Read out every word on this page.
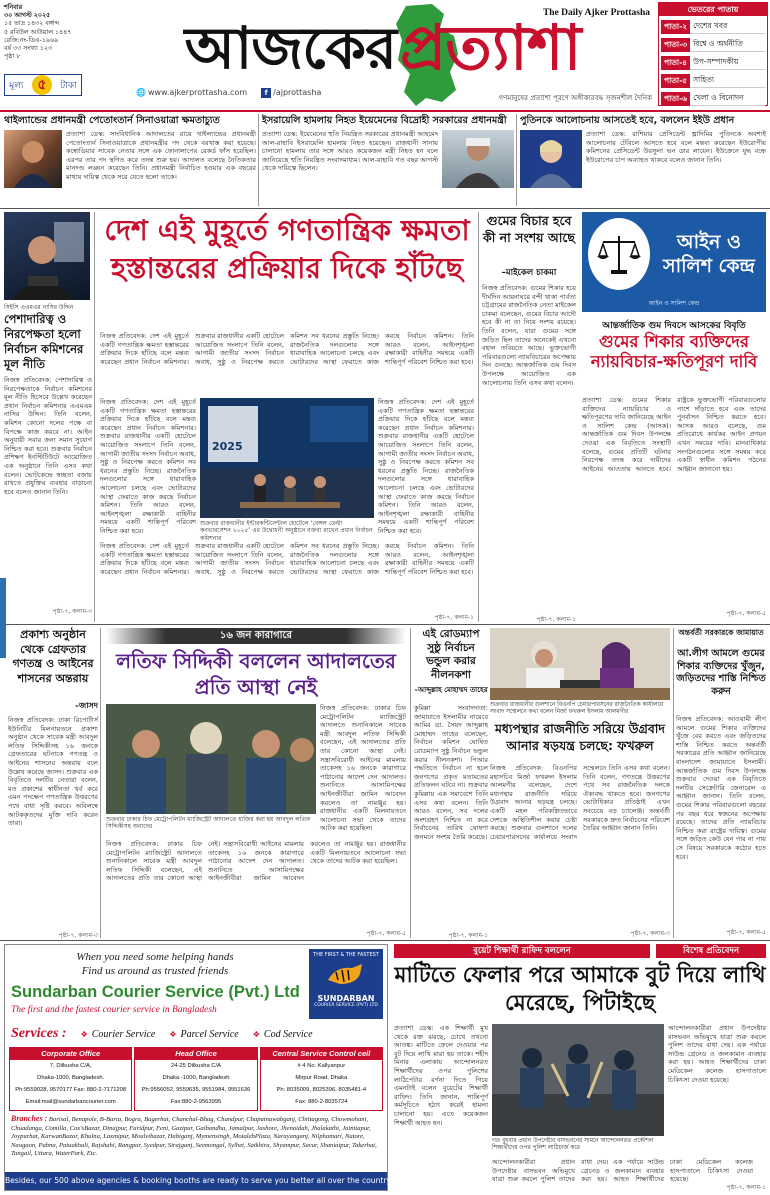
শনিবার
৩০ আগস্ট ২০২৫
১৫ ভাদ্র ১৪৩২ বঙ্গাব্দ
৫ রবিউল আউয়াল ১৪৪৭
রেজি:নং-ডিএ-১৯৬৯
বর্ষ ৩৩ সংখ্যা ১২৩
পৃষ্ঠা ৮
মূল্য ৫	টাকা
আজকের প্রত্যাশা
The Daily Ajker Prottasha
🌐 www.ajkerprottasha.com	f /ajprottasha
গণমানুষের প্রত্যাশা পূরণে অঙ্গীকারবদ্ধ সৃজনশীল দৈনিক
ভেতরের পাতায়
পাতা-২ দেশের খবর
পাতা-৩ বিশ্বে ও অর্থনীতি
পাতা-৪ উপ-সম্পাদকীয়
পাতা-৫ সাহিত্য
পাতা-৬ খেলা ও বিনোদন
থাইল্যান্ডের প্রধানমন্ত্রী পেতোংতার্ন সিনাওয়াত্রা ক্ষমতাচ্যুত
প্রত্যাশা ডেস্ক: সাংবিধানিক আদালতের রায়ে থাইল্যান্ডের প্রধানমন্ত্রী পেতোংতার্ন সিনাওয়াত্রাকে প্রধানমন্ত্রীর পদ থেকে বরখাস্ত করা হয়েছে। কম্বোডিয়ার সাবেক নেতার সঙ্গে এক ফোনালাপের রেকর্ড ফাঁস হয়েছিল। এরপর তার পদ স্থগিত করে তদন্ত শুরু হয়। আদালত বলেছে নৈতিকতার মানদণ্ড লঙ্ঘন করেছেন তিনি। প্রধানমন্ত্রী নির্বাচিত হওয়ার এক বছরের মাথায় দায়িত্ব থেকে সরে যেতে হলো তাকে।
ইসরায়েলি হামলায় নিহত ইয়েমেনের বিদ্রোহী সরকারের প্রধানমন্ত্রী
প্রত্যাশা ডেস্ক: ইয়েমেনের হুতি নিয়ন্ত্রিত সরকারের প্রধানমন্ত্রী আহমেদ আল-রাহাবি ইসরায়েলি হামলায় নিহত হয়েছেন। রাজধানী সানায় চালানো হামলায় তার সঙ্গে আরও কয়েকজন মন্ত্রী নিহত হন বলে জানিয়েছে হুতি নিয়ন্ত্রিত সংবাদমাধ্যম। আল-রাহাবি গত বছর আগস্ট থেকে দায়িত্বে ছিলেন।
পুতিনকে আলোচনায় আসতেই হবে, বললেন ইইউ প্রধান
প্রত্যাশা ডেস্ক: রাশিয়ার প্রেসিডেন্ট ভ্লাদিমির পুতিনকে অবশ্যই আলোচনার টেবিলে আসতে হবে বলে মন্তব্য করেছেন ইউরোপীয় কমিশনের প্রেসিডেন্ট উরসুলা ভন ডার লায়েন। ইউক্রেনে যুদ্ধ বন্ধে ইউরোপের চাপ অব্যাহত থাকবে বলেও জানান তিনি।
সিইসি এএমএম নাসির উদ্দিন
পেশাদারিত্ব ও নিরপেক্ষতা হলো নির্বাচন কমিশনের মূল নীতি
নিজস্ব প্রতিবেদক: পেশাদারিত্ব ও নিরপেক্ষতাকে নির্বাচন কমিশনের মূল নীতি হিসেবে উল্লেখ করেছেন প্রধান নির্বাচন কমিশনার এএমএম নাসির উদ্দিন। তিনি বলেন, কমিশন কোনো দলের পক্ষে বা বিপক্ষে কাজ করবে না। আইন অনুযায়ী সবার জন্য সমান সুযোগ নিশ্চিত করা হবে। শুক্রবার নির্বাচন প্রশিক্ষণ ইনস্টিটিউটে আয়োজিত এক অনুষ্ঠানে তিনি এসব কথা বলেন। ভোটকেন্দ্রে স্বচ্ছতা বজায় রাখতে প্রযুক্তির ব্যবহার বাড়ানো হবে বলেও জানান তিনি।
পৃষ্ঠা-৭, কলাম-৩
দেশ এই মুহূর্তে গণতান্ত্রিক ক্ষমতা হস্তান্তরের প্রক্রিয়ার দিকে হাঁটছে
নিজস্ব প্রতিবেদক: দেশ এই মুহূর্তে একটি গণতান্ত্রিক ক্ষমতা হস্তান্তরের প্রক্রিয়ার দিকে হাঁটছে বলে মন্তব্য করেছেন প্রধান নির্বাচন কমিশনার। শুক্রবার রাজধানীর একটি হোটেলে আয়োজিত সংলাপে তিনি বলেন, আগামী জাতীয় সংসদ নির্বাচন অবাধ, সুষ্ঠু ও নিরপেক্ষ করতে কমিশন সব ধরনের প্রস্তুতি নিচ্ছে। রাজনৈতিক দলগুলোর সঙ্গে ধারাবাহিক আলোচনা চলছে এবং ভোটারদের আস্থা ফেরাতে কাজ করছে নির্বাচন কমিশন। তিনি আরও বলেন, আইনশৃঙ্খলা রক্ষাকারী বাহিনীর সমন্বয়ে একটি শান্তিপূর্ণ পরিবেশ নিশ্চিত করা হবে।
2025
নিজস্ব প্রতিবেদক: দেশ এই মুহূর্তে একটি গণতান্ত্রিক ক্ষমতা হস্তান্তরের প্রক্রিয়ার দিকে হাঁটছে বলে মন্তব্য করেছেন প্রধান নির্বাচন কমিশনার। শুক্রবার রাজধানীর একটি হোটেলে আয়োজিত সংলাপে তিনি বলেন, আগামী জাতীয় সংসদ নির্বাচন অবাধ, সুষ্ঠু ও নিরপেক্ষ করতে কমিশন সব ধরনের প্রস্তুতি নিচ্ছে। রাজনৈতিক দলগুলোর সঙ্গে ধারাবাহিক আলোচনা চলছে এবং ভোটারদের আস্থা ফেরাতে কাজ করছে নির্বাচন কমিশন। তিনি আরও বলেন, আইনশৃঙ্খলা রক্ষাকারী বাহিনীর সমন্বয়ে একটি শান্তিপূর্ণ পরিবেশ নিশ্চিত করা হবে।
নিজস্ব প্রতিবেদক: দেশ এই মুহূর্তে একটি গণতান্ত্রিক ক্ষমতা হস্তান্তরের প্রক্রিয়ার দিকে হাঁটছে বলে মন্তব্য করেছেন প্রধান নির্বাচন কমিশনার। শুক্রবার রাজধানীর একটি হোটেলে আয়োজিত সংলাপে তিনি বলেন, আগামী জাতীয় সংসদ নির্বাচন অবাধ, সুষ্ঠু ও নিরপেক্ষ করতে কমিশন সব ধরনের প্রস্তুতি নিচ্ছে। রাজনৈতিক দলগুলোর সঙ্গে ধারাবাহিক আলোচনা চলছে এবং ভোটারদের আস্থা ফেরাতে কাজ করছে নির্বাচন কমিশন। তিনি আরও বলেন, আইনশৃঙ্খলা রক্ষাকারী বাহিনীর সমন্বয়ে একটি শান্তিপূর্ণ পরিবেশ নিশ্চিত করা হবে।
শুক্রবার রাজধানীর ইন্টারকন্টিনেন্টাল হোটেলে ‘বেঙ্গল ডেল্টা কনভারসেশন ২০২৫’ এর উদ্বোধনী অনুষ্ঠানে বক্তব্য রাখেন প্রধান নির্বাচন কমিশনার
নিজস্ব প্রতিবেদক: দেশ এই মুহূর্তে একটি গণতান্ত্রিক ক্ষমতা হস্তান্তরের প্রক্রিয়ার দিকে হাঁটছে বলে মন্তব্য করেছেন প্রধান নির্বাচন কমিশনার। শুক্রবার রাজধানীর একটি হোটেলে আয়োজিত সংলাপে তিনি বলেন, আগামী জাতীয় সংসদ নির্বাচন অবাধ, সুষ্ঠু ও নিরপেক্ষ করতে কমিশন সব ধরনের প্রস্তুতি নিচ্ছে। রাজনৈতিক দলগুলোর সঙ্গে ধারাবাহিক আলোচনা চলছে এবং ভোটারদের আস্থা ফেরাতে কাজ করছে নির্বাচন কমিশন। তিনি আরও বলেন, আইনশৃঙ্খলা রক্ষাকারী বাহিনীর সমন্বয়ে একটি শান্তিপূর্ণ পরিবেশ নিশ্চিত করা হবে।
পৃষ্ঠা-৭, কলাম-১
গুমের বিচার হবে কী না সংশয় আছে
–মাইকেল চাকমা
নিজস্ব প্রতিবেদক: গুমের শিকার হয়ে দীর্ঘদিন আয়নাঘরে বন্দী থাকা পার্বত্য চট্টগ্রামের রাজনৈতিক নেতা মাইকেল চাকমা বলেছেন, গুমের বিচার আদৌ হবে কী না তা নিয়ে সংশয় রয়েছে। তিনি বলেন, যারা গুমের সঙ্গে জড়িত ছিল তাদের অনেকেই এখনো বহাল তবিয়তে আছে। ভুক্তভোগী পরিবারগুলো ন্যায়বিচারের অপেক্ষায় দিন গুনছে। আন্তর্জাতিক গুম দিবস উপলক্ষে আয়োজিত এক আলোচনায় তিনি এসব কথা বলেন।
পৃষ্ঠা-৭, কলাম-১
আইন ও সালিশ কেন্দ্র
আইন ও সালিশ কেন্দ্র
আন্তর্জাতিক গুম দিবসে আসকের বিবৃতি
গুমের শিকার ব্যক্তিদের ন্যায়বিচার-ক্ষতিপূরণ দাবি
প্রত্যাশা ডেস্ক: গুমের শিকার ব্যক্তিদের ন্যায়বিচার ও ক্ষতিপূরণের দাবি জানিয়েছে আইন ও সালিশ কেন্দ্র (আসক)। আন্তর্জাতিক গুম দিবস উপলক্ষে দেওয়া এক বিবৃতিতে সংস্থাটি বলেছে, গুমের প্রতিটি ঘটনার নিরপেক্ষ তদন্ত করে দায়ীদের আইনের আওতায় আনতে হবে। রাষ্ট্রকে ভুক্তভোগী পরিবারগুলোর পাশে দাঁড়াতে হবে এবং তাদের পুনর্বাসন নিশ্চিত করতে হবে। আসক আরও বলেছে, গুম প্রতিরোধে কার্যকর আইন প্রণয়ন এখন সময়ের দাবি। মানবাধিকার সংগঠনগুলোর সঙ্গে সমন্বয় করে একটি স্বাধীন কমিশন গঠনের আহ্বান জানানো হয়।
পৃষ্ঠা-৭, কলাম-৫
প্রকাশ্য অনুষ্ঠান থেকে গ্রেফতার গণতন্ত্র ও আইনের শাসনের অন্তরায়
–জাসদ
নিজস্ব প্রতিবেদক: ঢাকা রিপোর্টার্স ইউনিটির মিলনায়তনে প্রকাশ্য অনুষ্ঠান থেকে সাবেক মন্ত্রী আবদুল লতিফ সিদ্দিকীসহ ১৬ জনকে গ্রেফতারের ঘটনাকে গণতন্ত্র ও আইনের শাসনের অন্তরায় বলে উল্লেখ করেছে জাসদ। শুক্রবার এক বিবৃতিতে দলটির নেতারা বলেন, মত প্রকাশের স্বাধীনতা খর্ব করে এমন পদক্ষেপ গণতান্ত্রিক উত্তরণের পথে বাধা সৃষ্টি করবে। অবিলম্বে আটককৃতদের মুক্তি দাবি করেন তারা।
পৃষ্ঠা-৭, কলাম-৩
১৬ জন কারাগারে
লতিফ সিদ্দিকী বললেন আদালতের প্রতি আস্থা নেই
শুক্রবার ঢাকার চিফ মেট্রোপলিটন ম্যাজিস্ট্রেট আদালতে হাজির করা হয় আবদুল লতিফ সিদ্দিকীসহ অন্যদের
নিজস্ব প্রতিবেদক: ঢাকার চিফ মেট্রোপলিটন ম্যাজিস্ট্রেট আদালতে শুনানিকালে সাবেক মন্ত্রী আবদুল লতিফ সিদ্দিকী বলেছেন, এই আদালতের প্রতি তার কোনো আস্থা নেই। সন্ত্রাসবিরোধী আইনের মামলায় তাকেসহ ১৬ জনকে কারাগারে পাঠানোর আদেশ দেন আদালত। শুনানিতে আসামিপক্ষের আইনজীবীরা জামিন আবেদন করলেও তা নামঞ্জুর হয়। রাজধানীর একটি মিলনায়তনে আলোচনা সভা থেকে তাদের আটক করা হয়েছিল।
নিজস্ব প্রতিবেদক: ঢাকার চিফ মেট্রোপলিটন ম্যাজিস্ট্রেট আদালতে শুনানিকালে সাবেক মন্ত্রী আবদুল লতিফ সিদ্দিকী বলেছেন, এই আদালতের প্রতি তার কোনো আস্থা নেই। সন্ত্রাসবিরোধী আইনের মামলায় তাকেসহ ১৬ জনকে কারাগারে পাঠানোর আদেশ দেন আদালত। শুনানিতে আসামিপক্ষের আইনজীবীরা জামিন আবেদন করলেও তা নামঞ্জুর হয়। রাজধানীর একটি মিলনায়তনে আলোচনা সভা থেকে তাদের আটক করা হয়েছিল।
পৃষ্ঠা-৭, কলাম-৫
এই রোডম্যাপ সুষ্ঠু নির্বাচন ভন্ডুল করার নীলনকশা
–আব্দুল্লাহ মোহাম্মদ তাহের
কুমিল্লা সংবাদদাতা: জামায়াতে ইসলামীর নায়েবে আমির ডা. সৈয়দ আব্দুল্লাহ মোহাম্মদ তাহের বলেছেন, নির্বাচন কমিশন ঘোষিত রোডম্যাপ সুষ্ঠু নির্বাচন ভন্ডুল করার নীলনকশা। পিআর পদ্ধতিতে নির্বাচন না হলে জনগণের প্রকৃত মতামতের প্রতিফলন ঘটবে না। শুক্রবার কুমিল্লায় এক সমাবেশে তিনি এসব কথা বলেন। তিনি আরও বলেন, সব দলের অংশগ্রহণ নিশ্চিত না করে নির্বাচনের তারিখ ঘোষণা জনমনে সংশয় তৈরি করেছে।
পৃষ্ঠা-৭, কলাম-১
শুক্রবার রাজধানীর গুলশানে বিএনপি চেয়ারপারসনের রাজনৈতিক কার্যালয়ে সংবাদ সম্মেলনে কথা বলেন মির্জা ফখরুল ইসলাম আলমগীর
মধ্যপন্থার রাজনীতি সরিয়ে উগ্রবাদ আনার ষড়যন্ত্র চলছে: ফখরুল
নিজস্ব প্রতিবেদক: বিএনপির মহাসচিব মির্জা ফখরুল ইসলাম আলমগীর বলেছেন, দেশে মধ্যপন্থার রাজনীতি সরিয়ে উগ্রবাদ আনার ষড়যন্ত্র চলছে। একটি মহল পরিকল্পিতভাবে দেশকে অস্থিতিশীল করার চেষ্টা করছে। শুক্রবার গুলশানে দলের চেয়ারপারসনের কার্যালয়ে সংবাদ সম্মেলনে তিনি এসব কথা বলেন। তিনি বলেন, গণতন্ত্রে উত্তরণের পথে সব রাজনৈতিক দলকে ঐক্যবদ্ধ থাকতে হবে। জনগণের ভোটাধিকার প্রতিষ্ঠাই এখন সবচেয়ে বড় চ্যালেঞ্জ। অন্তর্বর্তী সরকারকে দ্রুত নির্বাচনের পরিবেশ তৈরির আহ্বান জানান তিনি।
পৃষ্ঠা-৭, কলাম-৩
অন্তর্বর্তী সরকারকে জামায়াত
আ.লীগ আমলে গুমের শিকার ব্যক্তিদের খুঁজুন, জড়িতদের শাস্তি নিশ্চিত করুন
নিজস্ব প্রতিবেদক: আওয়ামী লীগ আমলে গুমের শিকার ব্যক্তিদের খুঁজে বের করতে এবং জড়িতদের শাস্তি নিশ্চিত করতে অন্তর্বর্তী সরকারের প্রতি আহ্বান জানিয়েছে বাংলাদেশ জামায়াতে ইসলামী। আন্তর্জাতিক গুম দিবস উপলক্ষে শুক্রবার দেওয়া এক বিবৃতিতে দলটির সেক্রেটারি জেনারেল এ আহ্বান জানান। তিনি বলেন, গুমের শিকার পরিবারগুলো বছরের পর বছর ধরে স্বজনের অপেক্ষায় রয়েছে। তাদের প্রতি ন্যায়বিচার নিশ্চিত করা রাষ্ট্রের দায়িত্ব। গুমের সঙ্গে জড়িত কেউ যেন পার না পায় সে বিষয়ে সরকারকে কঠোর হতে হবে।
পৃষ্ঠা-৭, কলাম-৫
When you need some helping hands
Find us around as trusted friends
Sundarban Courier Service (Pvt.) Ltd
The first and the fastest courier service in Bangladesh
THE FIRST & THE FASTEST
SUNDARBAN
COURIER SERVICE (PVT) LTD
Services : ❖ Courier Service ❖ Parcel Service ❖ Cod Service
Corporate Office
7, Dilkusha C/A,
Dhaka-1000, Bangladesh.
Ph:9559028, 9570177 Fax: 880-2-7171208
Email:mail@sundarbancourier.com
Head Office
24-25 Dilkusha C/A
Dhaka -1000, Bangladesh
Ph:9556052, 9559635, 9551984, 9551636
Fax:880-2-9563995
Central Service Control cell
# 4 No. Kallyanpur
Mirpur Road, Dhaka
Ph: 8035009, 8025396, 8035481-4
Fax: 880-2-8035724
Branches : Barisal, Benapole, B-Baria, Bogra, Bagerhat, Chanchal-Bhag, Chandpur, Chapainawabganj, Chittagong, Chowmohani, Chuadanga, Comilla, Cox'sBazar, Dinajpur, Faridpur, Feni, Gazipur, Gaibandha, Jamalpur, Jashore, Jhenaidah, Jhalakathi, Jaintiapur, Joypurhat, KarwanBazar, Khulna, Laxmipur, Moulvibazar, Habiganj, Mymensingh, MotalebPlaza, Narayanganj, Nilphamari, Natore, Naogaon, Pabna, Patuakhali, Rajshahi, Rangpur, Syedpur, Sirajganj, Seemongal, Sylhet, Satkhira, Shyampur, Savar, Shaniatpur, Takerhat, Tangail, Uttara, WaterPark, Etc.
Besides, our 500 above agencies & booking booths are ready to serve you better all over the country.
বুয়েট শিক্ষার্থী রাফিদ বললেন	বিশেষ প্রতিবেদন
মাটিতে ফেলার পরে আমাকে বুট দিয়ে লাথি মেরেছে, পিটাইছে
প্রত্যাশা ডেস্ক: এক শিক্ষার্থী মুখ থেকে রক্ত ঝরছে, চোখে তখনো আতঙ্ক। মাটিতে ফেলে দেওয়ার পর বুট দিয়ে লাথি মারা হয় তাকে। শহীদ মিনার এলাকায় আন্দোলনরত শিক্ষার্থীদের ওপর পুলিশের লাঠিপেটার বর্ণনা দিতে গিয়ে এমনটাই বলেন বুয়েটের শিক্ষার্থী রাফিদ। তিনি জানান, শান্তিপূর্ণ কর্মসূচিতে হঠাৎ করেই হামলা চালানো হয়। এতে কয়েকজন শিক্ষার্থী আহত হন।
গত বুধবার প্রধান উপদেষ্টার বাসভবনের সামনে আন্দোলনরত প্রকৌশল শিক্ষার্থীদের ওপর পুলিশ লাঠিচার্জ করে
আন্দোলনকারীরা প্রধান উপদেষ্টার বাসভবন অভিমুখে যাত্রা শুরু করলে পুলিশ তাদের বাধা দেয়। এক পর্যায়ে সাউন্ড গ্রেনেড ও জলকামান ব্যবহার করা হয়। আহত শিক্ষার্থীদের ঢাকা মেডিকেল কলেজ হাসপাতালে চিকিৎসা দেওয়া হয়েছে।
আন্দোলনকারীরা প্রধান উপদেষ্টার বাসভবন অভিমুখে যাত্রা শুরু করলে পুলিশ তাদের বাধা দেয়। এক পর্যায়ে সাউন্ড গ্রেনেড ও জলকামান ব্যবহার করা হয়। আহত শিক্ষার্থীদের ঢাকা মেডিকেল কলেজ হাসপাতালে চিকিৎসা দেওয়া হয়েছে।
পৃষ্ঠা-৭, কলাম-১
